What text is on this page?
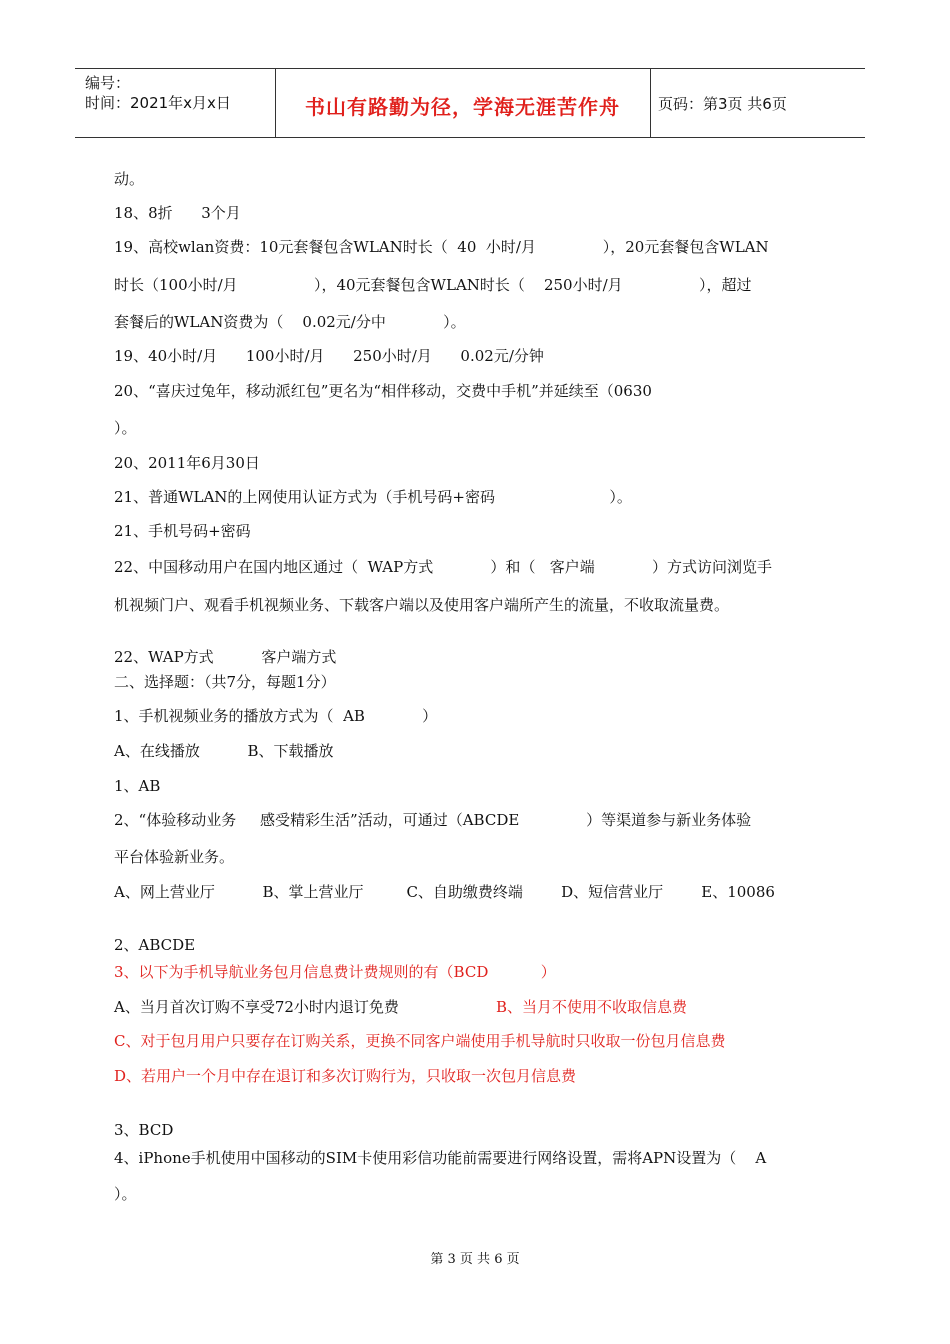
编号：
时间：2021年x月x日	书山有路勤为径，学海无涯苦作舟	页码：第3页 共6页
动。
18、8折      3个月
19、高校wlan资费：10元套餐包含WLAN时长（  40  小时/月              ），20元套餐包含WLAN
时长（100小时/月                ），40元套餐包含WLAN时长（    250小时/月                ），超过
套餐后的WLAN资费为（    0.02元/分中            ）。
19、40小时/月      100小时/月      250小时/月      0.02元/分钟
20、“喜庆过兔年，移动派红包”更名为“相伴移动，交费中手机”并延续至（0630
）。
20、2011年6月30日
21、普通WLAN的上网使用认证方式为（手机号码+密码                        ）。
21、手机号码+密码
22、中国移动用户在国内地区通过（  WAP方式            ）和（   客户端            ）方式访问浏览手
机视频门户、观看手机视频业务、下载客户端以及使用客户端所产生的流量，不收取流量费。
22、WAP方式          客户端方式
二、选择题：（共7分，每题1分）
1、手机视频业务的播放方式为（  AB            ）
A、在线播放          B、下载播放
1、AB
2、“体验移动业务     感受精彩生活”活动，可通过（ABCDE              ）等渠道参与新业务体验
平台体验新业务。
A、网上营业厅          B、掌上营业厅         C、自助缴费终端        D、短信营业厅        E、10086
2、ABCDE
3、以下为手机导航业务包月信息费计费规则的有（BCD           ）
A、当月首次订购不享受72小时内退订免费	B、当月不使用不收取信息费
C、对于包月用户只要存在订购关系，更换不同客户端使用手机导航时只收取一份包月信息费
D、若用户一个月中存在退订和多次订购行为，只收取一次包月信息费
3、BCD
4、iPhone手机使用中国移动的SIM卡使用彩信功能前需要进行网络设置，需将APN设置为（    A
）。
第 3 页 共 6 页
